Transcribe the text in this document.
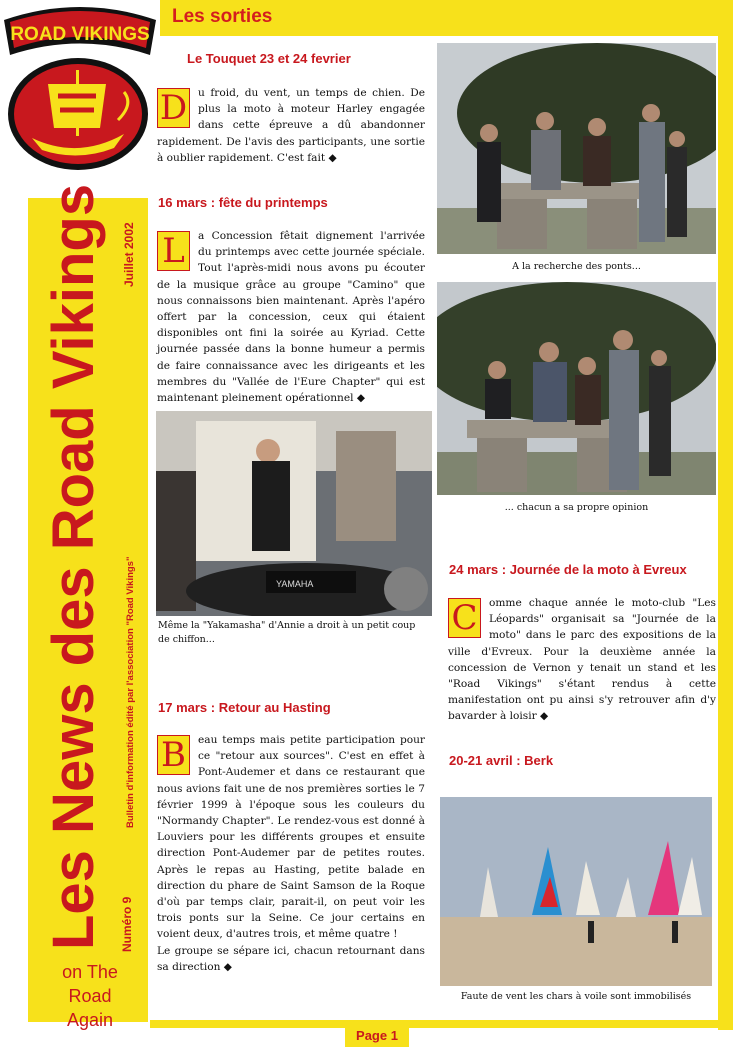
ROAD VIKINGS
Les News des Road Vikings Bulletin d'information édité par l'association "Road Vikings"
Juillet 2002
Numéro 9
on The Road
Again
Les sorties
Le Touquet 23 et 24 fevrier
D u froid, du vent, un temps de chien. De plus la moto à moteur Harley engagée dans cette épreuve a dû abandonner rapidement. De l'avis des participants, une sortie à oublier rapidement. C'est fait ◆
16 mars : fête du printemps
L	a Concession fêtait dignement l'arrivée du printemps avec cette journée spéciale. Tout l'après-midi nous avons pu écouter de la musique grâce au groupe "Camino" que nous connaissons bien maintenant. Après l'apéro offert par la concession, ceux qui étaient disponibles ont fini la soirée au Kyriad. Cette journée passée dans la bonne humeur a permis de faire connaissance avec les dirigeants et les membres du "Vallée de l'Eure Chapter" qui est maintenant pleinement opérationnel ◆
YAMAHA
Même la "Yakamasha" d'Annie a droit à un petit coup de chiffon...
17 mars : Retour au Hasting
B	eau temps mais petite participation pour ce "retour aux sources". C'est en effet à Pont-Audemer et dans ce restaurant que nous avions fait une de nos premières sorties le 7 février 1999 à l'époque sous les couleurs du "Normandy Chapter". Le rendez-vous est donné à Louviers pour les différents groupes et ensuite direction Pont-Audemer par de petites routes. Après le repas au Hasting, petite balade en direction du phare de Saint Samson de la Roque d'où par temps clair, parait-il, on peut voir les trois ponts sur la Seine. Ce jour certains en voient deux, d'autres trois, et même quatre !
Le groupe se sépare ici, chacun retournant dans sa direction ◆
A la recherche des ponts...
... chacun a sa propre opinion
24 mars : Journée de la moto à Evreux
C	omme chaque année le moto-club "Les Léopards" organisait sa "Journée de la moto" dans le parc des expositions de la ville d'Evreux. Pour la deuxième année la concession de Vernon y tenait un stand et les "Road Vikings" s'étant rendus à cette manifestation ont pu ainsi s'y retrouver afin d'y bavarder à loisir ◆
20-21 avril : Berk
Faute de vent les chars à voile sont immobilisés
Page 1
